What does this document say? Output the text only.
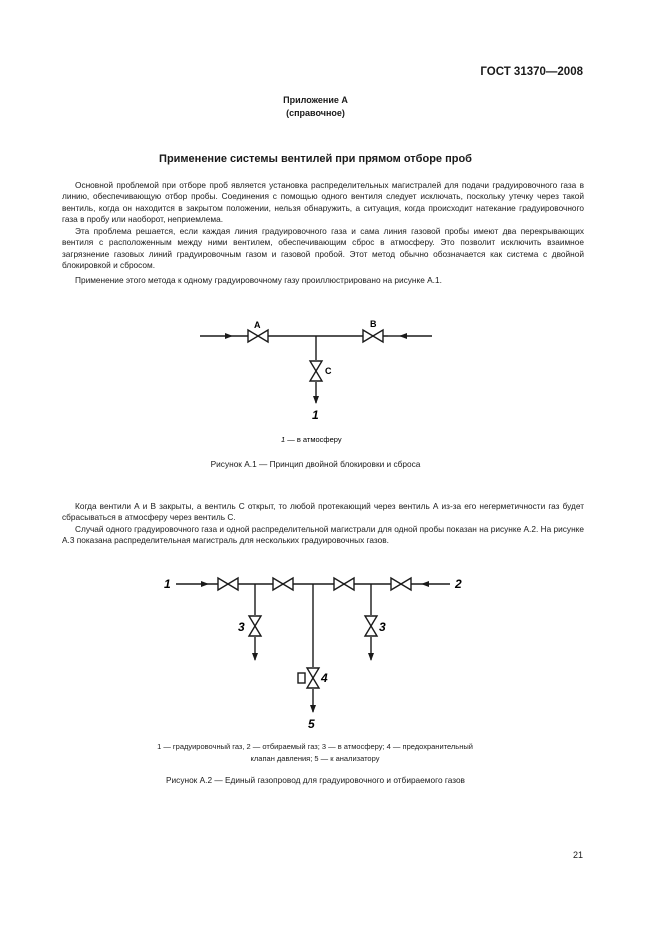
ГОСТ 31370—2008
Приложение А
(справочное)
Применение системы вентилей при прямом отборе проб
Основной проблемой при отборе проб является установка распределительных магистралей для подачи градуировочного газа в линию, обеспечивающую отбор пробы. Соединения с помощью одного вентиля следует исключать, поскольку утечку через такой вентиль, когда он находится в закрытом положении, нельзя обнаружить, а ситуация, когда происходит натекание градуировочного газа в пробу или наоборот, неприемлема.
Эта проблема решается, если каждая линия градуировочного газа и сама линия газовой пробы имеют два перекрывающих вентиля с расположенным между ними вентилем, обеспечивающим сброс в атмосферу. Это позволит исключить взаимное загрязнение газовых линий градуировочным газом и газовой пробой. Этот метод обычно обозначается как система с двойной блокировкой и сбросом.
Применение этого метода к одному градуировочному газу проиллюстрировано на рисунке А.1.
A	B
C
1
1 — в атмосферу
Рисунок А.1 — Принцип двойной блокировки и сброса
Когда вентили А и В закрыты, а вентиль С открыт, то любой протекающий через вентиль А из-за его негерметичности газ будет сбрасываться в атмосферу через вентиль С.
Случай одного градуировочного газа и одной распределительной магистрали для одной пробы показан на рисунке А.2. На рисунке А.3 показана распределительная магистраль для нескольких градуировочных газов.
1	2
3	3
4
5
1 — градуировочный газ, 2 — отбираемый газ; 3 — в атмосферу; 4 — предохранительный
клапан давления; 5 — к анализатору
Рисунок А.2 — Единый газопровод для градуировочного и отбираемого газов
21
